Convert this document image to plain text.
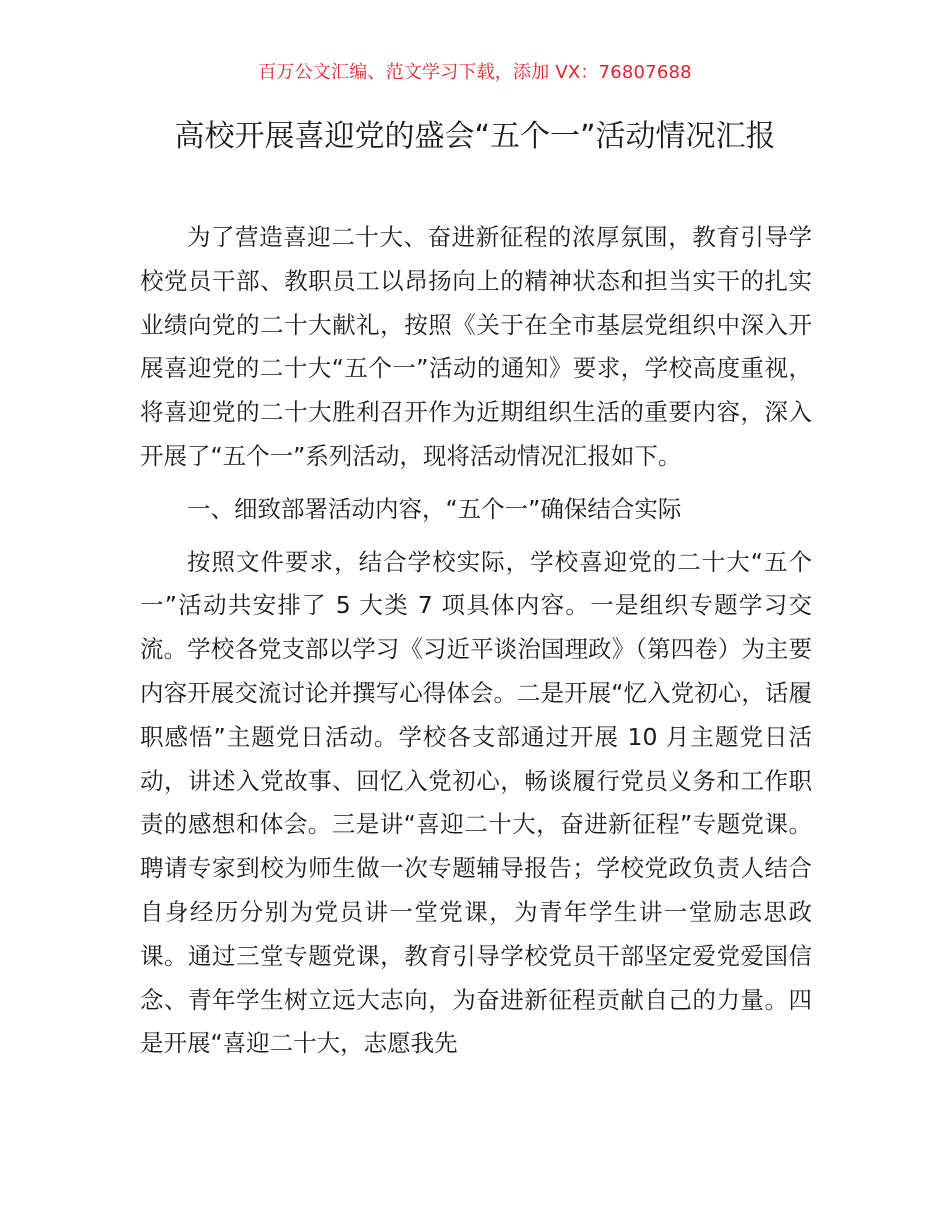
百万公文汇编、范文学习下载，添加 VX：76807688
高校开展喜迎党的盛会“五个一”活动情况汇报

为了营造喜迎二十大、奋进新征程的浓厚氛围，教育引导学校党员干部、教职员工以昂扬向上的精神状态和担当实干的扎实业绩向党的二十大献礼，按照《关于在全市基层党组织中深入开展喜迎党的二十大“五个一”活动的通知》要求，学校高度重视，将喜迎党的二十大胜利召开作为近期组织生活的重要内容，深入开展了“五个一”系列活动，现将活动情况汇报如下。

一、细致部署活动内容，“五个一”确保结合实际

按照文件要求，结合学校实际，学校喜迎党的二十大“五个一”活动共安排了 5 大类 7 项具体内容。一是组织专题学习交流。学校各党支部以学习《习近平谈治国理政》（第四卷）为主要内容开展交流讨论并撰写心得体会。二是开展“忆入党初心，话履职感悟”主题党日活动。学校各支部通过开展 10 月主题党日活动，讲述入党故事、回忆入党初心，畅谈履行党员义务和工作职责的感想和体会。三是讲“喜迎二十大，奋进新征程”专题党课。聘请专家到校为师生做一次专题辅导报告；学校党政负责人结合自身经历分别为党员讲一堂党课，为青年学生讲一堂励志思政课。通过三堂专题党课，教育引导学校党员干部坚定爱党爱国信念、青年学生树立远大志向，为奋进新征程贡献自己的力量。四是开展“喜迎二十大，志愿我先
